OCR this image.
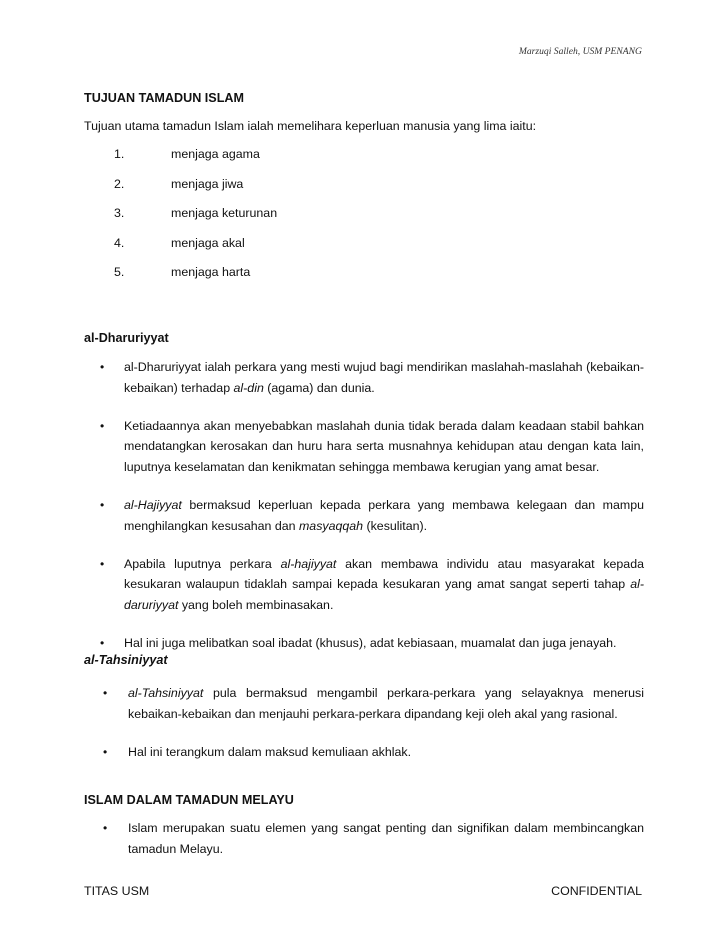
Marzuqi Salleh, USM PENANG
TUJUAN TAMADUN ISLAM
Tujuan utama tamadun Islam ialah memelihara keperluan manusia yang lima iaitu:
1.	menjaga agama
2.	menjaga jiwa
3.	menjaga keturunan
4.	menjaga akal
5.	menjaga harta
al-Dharuriyyat
• al-Dharuriyyat ialah perkara yang mesti wujud bagi mendirikan maslahah-maslahah (kebaikan-kebaikan) terhadap al-din (agama) dan dunia.
• Ketiadaannya akan menyebabkan maslahah dunia tidak berada dalam keadaan stabil bahkan mendatangkan kerosakan dan huru hara serta musnahnya kehidupan atau dengan kata lain, luputnya keselamatan dan kenikmatan sehingga membawa kerugian yang amat besar.
• al-Hajiyyat bermaksud keperluan kepada perkara yang membawa kelegaan dan mampu menghilangkan kesusahan dan masyaqqah (kesulitan).
• Apabila luputnya perkara al-hajiyyat akan membawa individu atau masyarakat kepada kesukaran walaupun tidaklah sampai kepada kesukaran yang amat sangat seperti tahap al-daruriyyat yang boleh membinasakan.
• Hal ini juga melibatkan soal ibadat (khusus), adat kebiasaan, muamalat dan juga jenayah.
al-Tahsiniyyat
• al-Tahsiniyyat pula bermaksud mengambil perkara-perkara yang selayaknya menerusi kebaikan-kebaikan dan menjauhi perkara-perkara dipandang keji oleh akal yang rasional.
• Hal ini terangkum dalam maksud kemuliaan akhlak.
ISLAM DALAM TAMADUN MELAYU
• Islam merupakan suatu elemen yang sangat penting dan signifikan dalam membincangkan tamadun Melayu.
TITAS USM	CONFIDENTIAL
